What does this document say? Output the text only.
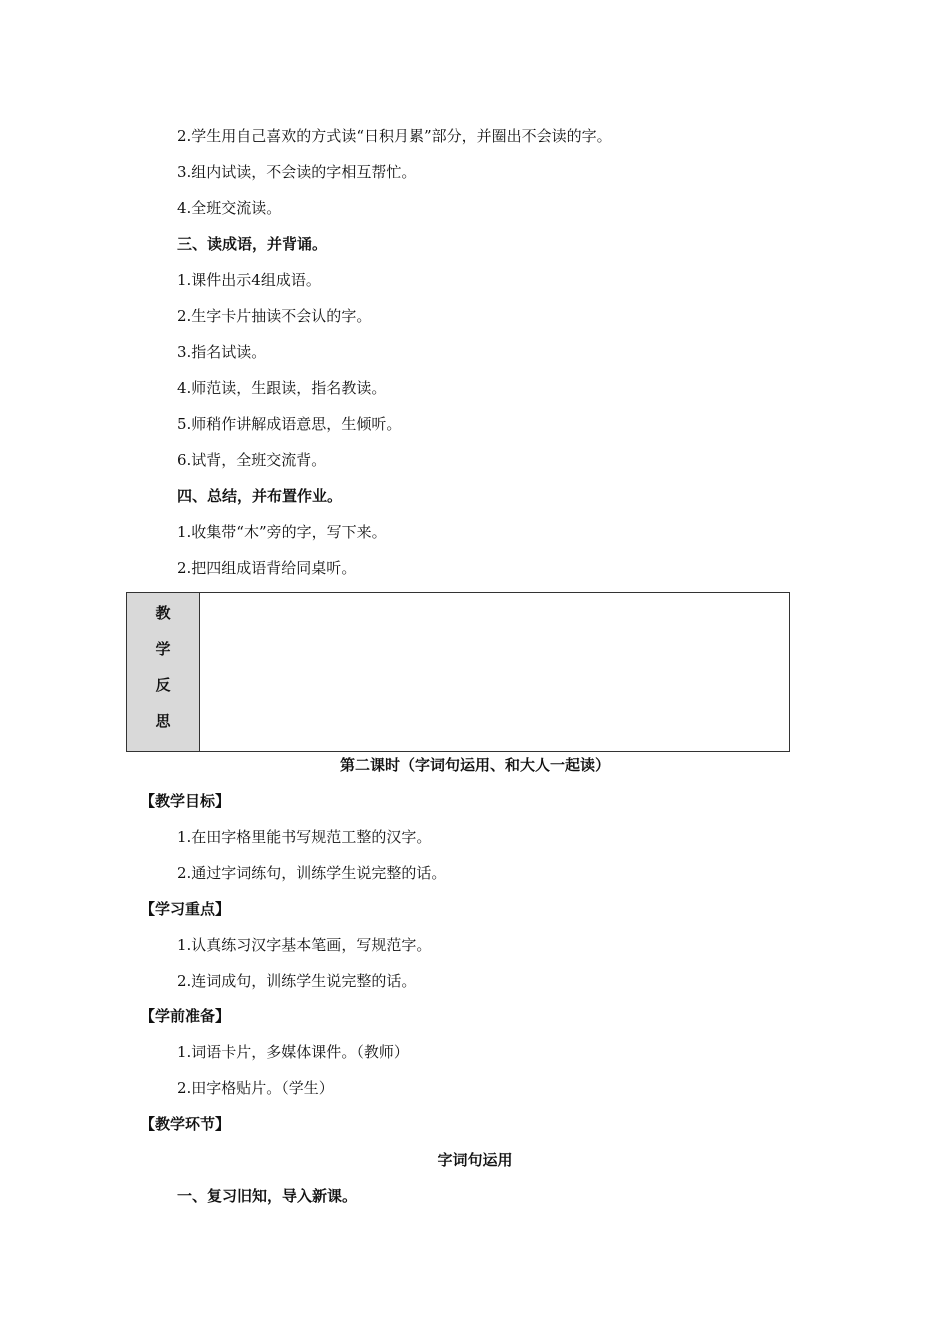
2.学生用自己喜欢的方式读“日积月累”部分，并圈出不会读的字。
3.组内试读，不会读的字相互帮忙。
4.全班交流读。
三、读成语，并背诵。
1.课件出示4组成语。
2.生字卡片抽读不会认的字。
3.指名试读。
4.师范读，生跟读，指名教读。
5.师稍作讲解成语意思，生倾听。
6.试背，全班交流背。
四、总结，并布置作业。
1.收集带“木”旁的字，写下来。
2.把四组成语背给同桌听。
教
学
反
思

第二课时（字词句运用、和大人一起读）
【教学目标】
1.在田字格里能书写规范工整的汉字。
2.通过字词练句，训练学生说完整的话。
【学习重点】
1.认真练习汉字基本笔画，写规范字。
2.连词成句，训练学生说完整的话。
【学前准备】
1.词语卡片，多媒体课件。（教师）
2.田字格贴片。（学生）
【教学环节】
字词句运用
一、复习旧知，导入新课。
